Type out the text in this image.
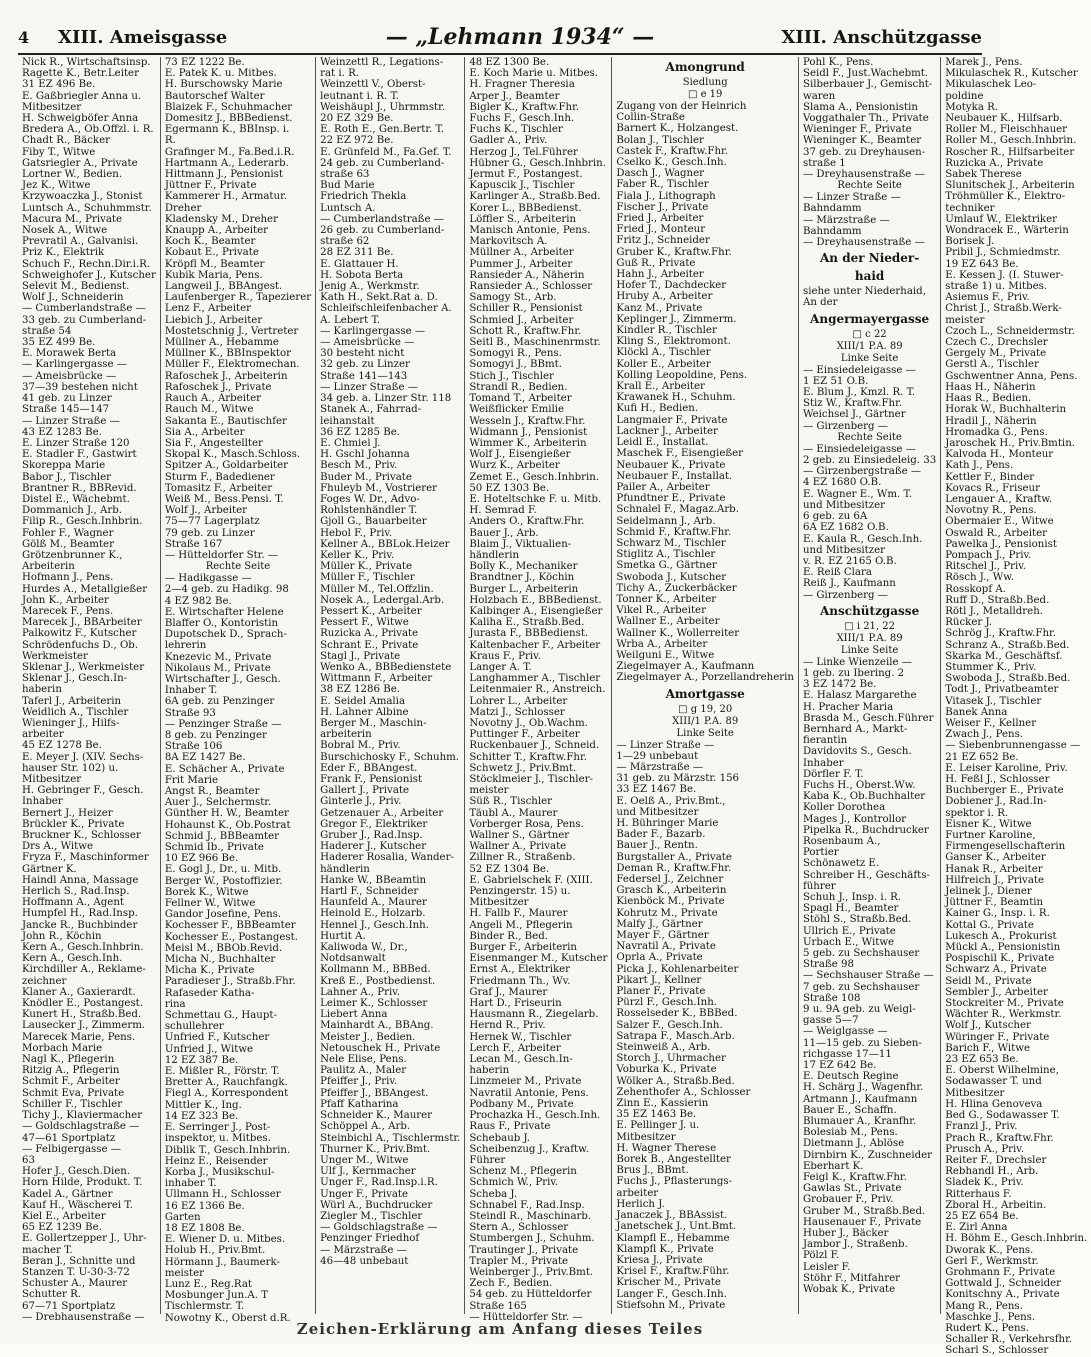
4	XIII. Ameisgasse	— „Lehmann 1934“ —	XIII. Anschützgasse
Nick R., Wirtschaftsinsp.
Ragette K., Betr.Leiter
31 EZ 496 Be.
E. Gaßbriegler Anna u.
Mitbesitzer
H. Schweigböfer Anna
Bredera A., Ob.Offzl. i. R.
Chadt R., Bäcker
Fiby T., Witwe
Gatsriegler A., Private
Lortner W., Bedien.
Jez K., Witwe
Krzywoaczka J., Stonist
Luntsch A., Schuhmmstr.
Macura M., Private
Nosek A., Witwe
Prevratil A., Galvanisi.
Priz K., Elektrik
Schuch F., Rechn.Dir.i.R.
Schweighofer J., Kutscher
Selevit M., Bedienst.
Wolf J., Schneiderin
— Cumberlandstraße —
33 geb. zu Cumberland-
straße 54
35 EZ 499 Be.
E. Morawek Berta
— Karlingergasse —
— Ameisbrücke —
37—39 bestehen nicht
41 geb. zu Linzer
Straße 145—147
— Linzer Straße —
43 EZ 1283 Be.
E. Linzer Straße 120
E. Stadler F., Gastwirt
Skoreppa Marie
Babor J., Tischler
Brantner R., BBRevid.
Distel E., Wächebmt.
Dommanich J., Arb.
Filip R., Gesch.Inhbrin.
Fohler F., Wagner
Gölß M., Beamter
Grötzenbrunner K.,
Arbeiterin
Hofmann J., Pens.
Hurdes A., Metallgießer
John K., Arbeiter
Marecek F., Pens.
Marecek J., BBArbeiter
Palkowitz F., Kutscher
Schrödenfuchs D., Ob.
Werkmeister
Sklenar J., Werkmeister
Sklenar J., Gesch.In-
haberin
Taferl J., Arbeiterin
Weidlich A., Tischler
Wieninger J., Hilfs-
arbeiter
45 EZ 1278 Be.
E. Meyer J. (XIV. Sechs-
hauser Str. 102) u.
Mitbesitzer
H. Gebringer F., Gesch.
Inhaber
Bernert J., Heizer
Brückler K., Private
Bruckner K., Schlosser
Drs A., Witwe
Fryza F., Maschinformer
Gärtner K.
Haindl Anna, Massage
Herlich S., Rad.Insp.
Hoffmann A., Agent
Humpfel H., Rad.Insp.
Jancke R., Buchbinder
John R., Köchin
Kern A., Gesch.Inhbrin.
Kern A., Gesch.Inh.
Kirchdiller A., Reklame-
zeichner
Klaner A., Gaxierardt.
Knödler E., Postangest.
Kunert H., Straßb.Bed.
Lausecker J., Zimmerm.
Marecek Marie, Pens.
Morbach Marie
Nagl K., Pflegerin
Ritzig A., Pflegerin
Schmit F., Arbeiter
Schmit Eva, Private
Schiller F., Tischler
Tichy J., Klaviermacher
— Goldschlagstraße —
47—61 Sportplatz
— Felbigergasse —
63
Hofer J., Gesch.Dien.
Horn Hilde, Produkt. T.
Kadel A., Gärtner
Kauf H., Wäscherei T.
Kiel E., Arbeiter
65 EZ 1239 Be.
E. Gollertzepper J., Uhr-
macher T.
Beran J., Schnitte und
Stanzen T. U-30-3-72
Schuster A., Maurer
Schutter R.
67—71 Sportplatz
— Drebhausenstraße —
73 EZ 1222 Be.
E. Patek K. u. Mitbes.
H. Burschowsky Marie
Bautorschef Walter
Blaizek F., Schuhmacher
Domesitz J., BBBedienst.
Egermann K., BBInsp. i.
R.
Grafinger M., Fa.Bed.i.R.
Hartmann A., Lederarb.
Hittmann J., Pensionist
Jüttner F., Private
Kammerer H., Armatur.
Dreher
Kladensky M., Dreher
Knaupp A., Arbeiter
Koch K., Beamter
Kobaut E., Private
Kröpfl M., Beamter
Kubik Maria, Pens.
Langweil J., BBAngest.
Laufenberger R., Tapezierer
Lenz F., Arbeiter
Liebich J., Arbeiter
Mostetschnig J., Vertreter
Müllner A., Hebamme
Müllner K., BBInspektor
Müller F., Elektromechan.
Rafoschek J., Arbeiterin
Rafoschek J., Private
Rauch A., Arbeiter
Rauch M., Witwe
Sakanta E., Bautischfer
Sia A., Arbeiter
Sia F., Angestellter
Skopal K., Masch.Schloss.
Spitzer A., Goldarbeiter
Sturm F., Badediener
Tomasitz F., Arbeiter
Weiß M., Bess.Pensi. T.
Wolf J., Arbeiter
75—77 Lagerplatz
79 geb. zu Linzer
Straße 167
— Hütteldorfer Str. —
Rechte Seite
— Hadikgasse —
2—4 geb. zu Hadikg. 98
4 EZ 982 Be.
E. Wirtschafter Helene
Blaffer O., Kontoristin
Dupotschek D., Sprach-
lehrerin
Knezevic M., Private
Nikolaus M., Private
Wirtschafter J., Gesch.
Inhaber T.
6A geb. zu Penzinger
Straße 93
— Penzinger Straße —
8 geb. zu Penzinger
Straße 106
8A EZ 1427 Be.
E. Schächer A., Private
Frit Marie
Angst R., Beamter
Auer J., Selchermstr.
Günther H. W., Beamter
Hohaunst K., Ob.Postrat
Schmid J., BBBeamter
Schmid Ib., Private
10 EZ 966 Be.
E. Gogl J., Dr., u. Mitb.
Berger W., Postoffizier.
Borek K., Witwe
Fellner W., Witwe
Gandor Josefine, Pens.
Kochesser F., BBBeamter
Kochesser E., Postangest.
Meisl M., BBOb.Revid.
Micha N., Buchhalter
Micha K., Private
Paradieser J., Straßb.Fhr.
Rafaseder Katha-
rina
Schmettau G., Haupt-
schullehrer
Unfried F., Kutscher
Unfried J., Witwe
12 EZ 387 Be.
E. Mißler R., Förstr. T.
Bretter A., Rauchfangk.
Fiegl A., Korrespondent
Mittler K., Ing.
14 EZ 323 Be.
E. Serringer J., Post-
inspektor, u. Mitbes.
Diblik T., Gesch.Inhbrin.
Heinz E., Reisender
Korba J., Musikschul-
inhaber T.
Ullmann H., Schlosser
16 EZ 1366 Be.
Garten
18 EZ 1808 Be.
E. Wiener D. u. Mitbes.
Holub H., Priv.Bmt.
Hörmann J., Baumerk-
meister
Lunz E., Reg.Rat
Mosbunger Jun.A. T
Tischlermstr. T.
Nowotny K., Oberst d.R.
Weinzettl R., Legations-
rat i. R.
Weinzettl V., Oberst-
leutnant i. R. T.
Weishäupl J., Uhrmmstr.
20 EZ 329 Be.
E. Roth E., Gen.Bertr. T.
22 EZ 972 Be.
E. Grünfeld M., Fa.Gef. T.
24 geb. zu Cumberland-
straße 63
Bud Marie
Friedrich Thekla
Luntsch A.
— Cumberlandstraße —
26 geb. zu Cumberland-
straße 62
28 EZ 311 Be.
E. Glattauer H.
H. Sobota Berta
Jenig A., Werkmstr.
Kath H., Sekt.Rat a. D.
Schleifschleifenbacher A.
A. Lebert T.
— Karlingergasse —
— Ameisbrücke —
30 besteht nicht
32 geb. zu Linzer
Straße 141—143
— Linzer Straße —
34 geb. a. Linzer Str. 118
Stanek A., Fahrrad-
leihanstalt
36 EZ 1285 Be.
E. Chmiel J.
H. Gschl Johanna
Besch M., Priv.
Buder M., Private
Fhuleyb M., Vostrierer
Foges W. Dr., Advo-
Rohlstenhändler T.
Gjoll G., Bauarbeiter
Hebol F., Priv.
Kellner A., BBLok.Heizer
Keller K., Priv.
Müller K., Private
Müller F., Tischler
Müller M., Tel.Offzlin.
Nosek A., Ledergal.Arb.
Pessert K., Arbeiter
Pessert F., Witwe
Ruzicka A., Private
Schrant E., Private
Stagl J., Private
Wenko A., BBBedienstete
Wittmann F., Arbeiter
38 EZ 1286 Be.
E. Seidel Amalia
H. Lahner Albine
Berger M., Maschin-
arbeiterin
Bobral M., Priv.
Burschichosky F., Schuhm.
Eder F., BBAngest.
Frank F., Pensionist
Gallert J., Private
Ginterle J., Priv.
Getzenauer A., Arbeiter
Gregor F., Elektriker
Gruber J., Rad.Insp.
Haderer J., Kutscher
Haderer Rosalia, Wander-
händlerin
Hanke W., BBeamtin
Hartl F., Schneider
Haunfeld A., Maurer
Heinold E., Holzarb.
Hennel J., Gesch.Inh.
Hurtit A.
Kaliwoda W., Dr.,
Notdsanwalt
Kollmann M., BBBed.
Kreß E., Postbedienst.
Lahner A., Priv.
Leimer K., Schlosser
Liebert Anna
Mainhardt A., BBAng.
Meister J., Bedien.
Netouschek H., Private
Nele Elise, Pens.
Paulitz A., Maler
Pfeiffer J., Priv.
Pfeiffer J., BBAngest.
Pfaff Katharina
Schneider K., Maurer
Schöppel A., Arb.
Steinbichl A., Tischlermstr.
Thurner K., Priv.Bmt.
Unger M., Witwe
Ulf J., Kernmacher
Unger F., Rad.Insp.i.R.
Unger F., Private
Würl A., Buchdrucker
Ziegler M., Tischler
— Goldschlagstraße —
Penzinger Friedhof
— Märzstraße —
46—48 unbebaut
48 EZ 1300 Be.
E. Koch Marie u. Mitbes.
H. Fragner Theresia
Arper J., Beamter
Bigler K., Kraftw.Fhr.
Fuchs F., Gesch.Inh.
Fuchs K., Tischler
Gadler A., Priv.
Herzog J., Tel.Führer
Hübner G., Gesch.Inhbrin.
Jermut F., Postangest.
Kapuscik J., Tischler
Karlinger A., Straßb.Bed.
Korer L., BBBedienst.
Löffler S., Arbeiterin
Manisch Antonie, Pens.
Markovitsch A.
Müllner A., Arbeiter
Pummer J., Arbeiter
Ransieder A., Näherin
Ransieder A., Schlosser
Samogy St., Arb.
Schiller R., Pensionist
Schmied J., Arbeiter
Schott R., Kraftw.Fhr.
Seitl B., Maschinenrmstr.
Somogyi R., Pens.
Somogyi J., BBmt.
Stich J., Tischler
Strandl R., Bedien.
Tomand T., Arbeiter
Weißflicker Emilie
Wesseln J., Kraftw.Fhr.
Widmann J., Pensionist
Wimmer K., Arbeiterin
Wolf J., Eisengießer
Wurz K., Arbeiter
Zemet E., Gesch.Inhbrin.
50 EZ 1303 Be.
E. Hoteltschke F. u. Mitb.
H. Semrad F.
Anders O., Kraftw.Fhr.
Bauer J., Arb.
Blaim J., Viktualien-
händlerin
Bolly K., Mechaniker
Brandtner J., Köchin
Burger L., Arbeiterin
Holzbach E., BBBedienst.
Kalbinger A., Eisengießer
Kaliha E., Straßb.Bed.
Jurasta F., BBBedienst.
Kaltenbacher F., Arbeiter
Kraus F., Priv.
Langer A. T.
Langhammer A., Tischler
Leitenmaier R., Anstreich.
Lohrer L., Arbeiter
Matzi J., Schlosser
Novotny J., Ob.Wachm.
Puttinger F., Arbeiter
Ruckenbauer J., Schneid.
Schitter T., Kraftw.Fhr.
Schwetz J., Priv.Bmt.
Stöcklmeier J., Tischler-
meister
Süß R., Tischler
Täubl A., Maurer
Vorberger Rosa, Pens.
Wallner S., Gärtner
Wallner A., Private
Zillner R., Straßenb.
52 EZ 1304 Be.
E. Gabrielschek F. (XIII.
Penzingerstr. 15) u.
Mitbesitzer
H. Fallb F., Maurer
Angeli M., Pflegerin
Binder R., Bed.
Burger F., Arbeiterin
Eisenmanger M., Kutscher
Ernst A., Elektriker
Friedmann Th., Wv.
Graf J., Maurer
Hart D., Friseurin
Hausmann R., Ziegelarb.
Hernd R., Priv.
Hernek W., Tischler
Lerch F., Arbeiter
Lecan M., Gesch.In-
haberin
Linzmeier M., Private
Navratil Antonie, Pens.
Podbany M., Private
Prochazka H., Gesch.Inh.
Raus F., Private
Schebaub J.
Scheibenzug J., Kraftw.
Führer
Schenz M., Pflegerin
Schmich W., Priv.
Scheba J.
Schnabel F., Rad.Insp.
Steindl R., Maschinarb.
Stern A., Schlosser
Stumbergen J., Schuhm.
Trautinger J., Private
Trapler M., Private
Weinberger J., Priv.Bmt.
Zech F., Bedien.
54 geb. zu Hütteldorfer
Straße 165
— Hütteldorfer Str. —
Amongrund
Siedlung
□ e 19
Zugang von der Heinrich
Collin-Straße
Barnert K., Holzangest.
Bolan J., Tischler
Castek F., Kraftw.Fhr.
Cselko K., Gesch.Inh.
Dasch J., Wagner
Faber R., Tischler
Fiala J., Lithograph
Fischer J., Private
Fried J., Arbeiter
Fried J., Monteur
Fritz J., Schneider
Gruber K., Kraftw.Fhr.
Guß R., Private
Hahn J., Arbeiter
Hofer T., Dachdecker
Hruby A., Arbeiter
Kanz M., Private
Keplinger J., Zimmerm.
Kindler R., Tischler
Kling S., Elektromont.
Klöckl A., Tischler
Koller E., Arbeiter
Kolling Leopoldine, Pens.
Krall E., Arbeiter
Krawanek H., Schuhm.
Kufi H., Bedien.
Langmaier F., Private
Lackner J., Arbeiter
Leidl E., Installat.
Maschek F., Eisengießer
Neubauer K., Private
Neubauer F., Installat.
Pailer A., Arbeiter
Pfundtner E., Private
Schnalel F., Magaz.Arb.
Seidelmann J., Arb.
Schmid F., Kraftw.Fhr.
Schwarz M., Tischler
Stiglitz A., Tischler
Smetka G., Gärtner
Swoboda J., Kutscher
Tichy A., Zuckerbäcker
Tonner K., Arbeiter
Vikel R., Arbeiter
Wallner E., Arbeiter
Wallner K., Wollerreiter
Wrba A., Arbeiter
Weilguni E., Witwe
Ziegelmayer A., Kaufmann
Ziegelmayer A., Porzellandreherin
Amortgasse
□ g 19, 20
XIII/1 P.A. 89
Linke Seite
— Linzer Straße —
1—29 unbebaut
— Märzstraße —
31 geb. zu Märzstr. 156
33 EZ 1467 Be.
E. Oelß A., Priv.Bmt.,
und Mitbesitzer
H. Bühringer Marie
Bader F., Bazarb.
Bauer J., Rentn.
Burgstaller A., Private
Deman R., Kraftw.Fhr.
Federsel J., Zeichner
Grasch K., Arbeiterin
Kienböck M., Private
Kohrutz M., Private
Malfy J., Gärtner
Mayer F., Gärtner
Navratil A., Private
Oprla A., Private
Picka J., Kohlenarbeiter
Pikart J., Kellner
Planer F., Private
Pürzl F., Gesch.Inh.
Rosselseder K., BBBed.
Salzer F., Gesch.Inh.
Satrapa F., Masch.Arb.
Steinweiß A., Arb.
Storch J., Uhrmacher
Voburka K., Private
Wölker A., Straßb.Bed.
Zehenthofer A., Schlosser
Zinn E., Kassierin
35 EZ 1463 Be.
E. Pellinger J. u.
Mitbesitzer
H. Wagner Therese
Borek B., Angestellter
Brus J., BBmt.
Fuchs J., Pflasterungs-
arbeiter
Herlich J.
Janaczek J., BBAssist.
Janetschek J., Unt.Bmt.
Klampfl E., Hebamme
Klampfl K., Private
Kriesa J., Private
Krisel F., Kraftw.Führ.
Krischer M., Private
Langer F., Gesch.Inh.
Stiefsohn M., Private
Pohl K., Pens.
Seidl F., Just.Wachebmt.
Silberbauer J., Gemischt-
waren
Slama A., Pensionistin
Voggathaler Th., Private
Wieninger F., Private
Wieninger K., Beamter
37 geb. zu Dreyhausen-
straße 1
— Dreyhausenstraße —
Rechte Seite
— Linzer Straße —
Bahndamm
— Märzstraße —
Bahndamm
— Dreyhausenstraße —
An der Nieder-
haid
siehe unter Niederhaid,
An der
Angermayergasse
□ c 22
XIII/1 P.A. 89
Linke Seite
— Einsiedeleigasse —
1 EZ 51 O.B.
E. Blum J., Kmzl. R. T.
Stiz W., Kraftw.Fhr.
Weichsel J., Gärtner
— Girzenberg —
Rechte Seite
— Einsiedeleigasse —
2 geb. zu Einsiedeleig. 33
— Girzenbergstraße —
4 EZ 1680 O.B.
E. Wagner E., Wm. T.
und Mitbesitzer
6 geb. zu 6A
6A EZ 1682 O.B.
E. Kaula R., Gesch.Inh.
und Mitbesitzer
v. R. EZ 2165 O.B.
E. Reiß Clara
Reiß J., Kaufmann
— Girzenberg —
Anschützgasse
□ i 21, 22
XIII/1 P.A. 89
Linke Seite
— Linke Wienzeile —
1 geb. zu Ibering. 2
3 EZ 1472 Be.
E. Halasz Margarethe
H. Pracher Maria
Brasda M., Gesch.Führer
Bernhard A., Markt-
fierantin
Davidovits S., Gesch.
Inhaber
Dörfler F. T.
Fuchs H., Oberst.Ww.
Kaba K., Ob.Buchhalter
Koller Dorothea
Mages J., Kontrollor
Pipelka R., Buchdrucker
Rosenbaum A.,
Portier
Schönawetz E.
Schreiber H., Geschäfts-
führer
Schuh J., Insp. i. R.
Spagl H., Beamter
Stöhl S., Straßb.Bed.
Ullrich E., Private
Urbach E., Witwe
5 geb. zu Sechshauser
Straße 98
— Sechshauser Straße —
7 geb. zu Sechshauser
Straße 108
9 u. 9A geb. zu Weigl-
gasse 5—7
— Weiglgasse —
11—15 geb. zu Sieben-
richgasse 17—11
17 EZ 642 Be.
E. Deutsch Regine
H. Schärg J., Wagenfhr.
Artmann J., Kaufmann
Bauer E., Schaffn.
Blumauer A., Kranfhr.
Bolesiab M., Pens.
Dietmann J., Ablöse
Dirnbirn K., Zuschneider
Eberhart K.
Feigl K., Kraftw.Fhr.
Gawlas St., Private
Grobauer F., Priv.
Gruber M., Straßb.Bed.
Hausenauer F., Private
Huber J., Bäcker
Jambor J., Straßenb.
Pölzl F.
Leisler F.
Stöhr F., Mitfahrer
Wobak K., Private
Marek J., Pens.
Mikulaschek R., Kutscher
Mikulaschek Leo-
poldine
Motyka R.
Neubauer K., Hilfsarb.
Roller M., Fleischhauer
Roller M., Gesch.Inhbrin.
Roscher R., Hilfsarbeiter
Ruzicka A., Private
Sabek Therese
Slunitschek J., Arbeiterin
Tröhmüller K., Elektro-
techniker
Umlauf W., Elektriker
Wondracek E., Wärterin
Borisek J.
Pribil J., Schmiedmstr.
19 EZ 643 Be.
E. Kessen J. (I. Stuwer-
straße 1) u. Mitbes.
Asiemus F., Priv.
Christ J., Straßb.Werk-
meister
Czoch L., Schneidermstr.
Czech C., Drechsler
Gergely M., Private
Gerstl A., Tischler
Gschwentner Anna, Pens.
Haas H., Näherin
Haas R., Bedien.
Horak W., Buchhalterin
Hradil J., Näherin
Hromadka G., Pens.
Jaroschek H., Priv.Bmtin.
Kalvoda H., Monteur
Kath J., Pens.
Kettler F., Binder
Kovacs R., Friseur
Lengauer A., Kraftw.
Novotny R., Pens.
Obermaier E., Witwe
Oswald R., Arbeiter
Pawelka J., Pensionist
Pompach J., Priv.
Ritschel J., Priv.
Rösch J., Ww.
Rosskopf A.
Ruff D., Straßb.Bed.
Rötl J., Metalldreh.
Rücker J.
Schrög J., Kraftw.Fhr.
Schranz A., Straßb.Bed.
Skarka M., Geschäftsf.
Stummer K., Priv.
Swoboda J., Straßb.Bed.
Todt J., Privatbeamter
Vitasek J., Tischler
Banek Anna
Weiser F., Kellner
Zwach J., Pens.
— Siebenbrunnengasse —
21 EZ 652 Be.
E. Leiser Karoline, Priv.
H. Feßl J., Schlosser
Buchberger E., Private
Dobiener J., Rad.In-
spektor i. R.
Eisner K., Witwe
Furtner Karoline,
Firmengesellschafterin
Ganser K., Arbeiter
Hanak R., Arbeiter
Hilfreich J., Private
Jelinek J., Diener
Jüttner F., Beamtin
Kainer G., Insp. i. R.
Kottal G., Private
Lukesch A., Prokurist
Mückl A., Pensionistin
Pospischil K., Private
Schwarz A., Private
Seidl M., Private
Sembler J., Arbeiter
Stockreiter M., Private
Wächter R., Werkmstr.
Wolf J., Kutscher
Würinger F., Private
Barich F., Witwe
23 EZ 653 Be.
E. Oberst Wilhelmine,
Sodawasser T. und
Mitbesitzer
H. Hlina Genoveva
Bed G., Sodawasser T.
Franzl J., Priv.
Prach R., Kraftw.Fhr.
Prusch A., Priv.
Reiter F., Drechsler
Rebhandl H., Arb.
Sladek K., Priv.
Ritterhaus F.
Zboral H., Arbeitin.
25 EZ 654 Be.
E. Zirl Anna
H. Böhm E., Gesch.Inhbrin.
Dworak K., Pens.
Gerl F., Werkmstr.
Grohmann F., Private
Gottwald J., Schneider
Konitschny A., Private
Mang R., Pens.
Maschke J., Pens.
Rudert K., Pens.
Schaller R., Verkehrsfhr.
Scharl S., Schlosser
Zeichen-Erklärung am Anfang dieses Teiles
